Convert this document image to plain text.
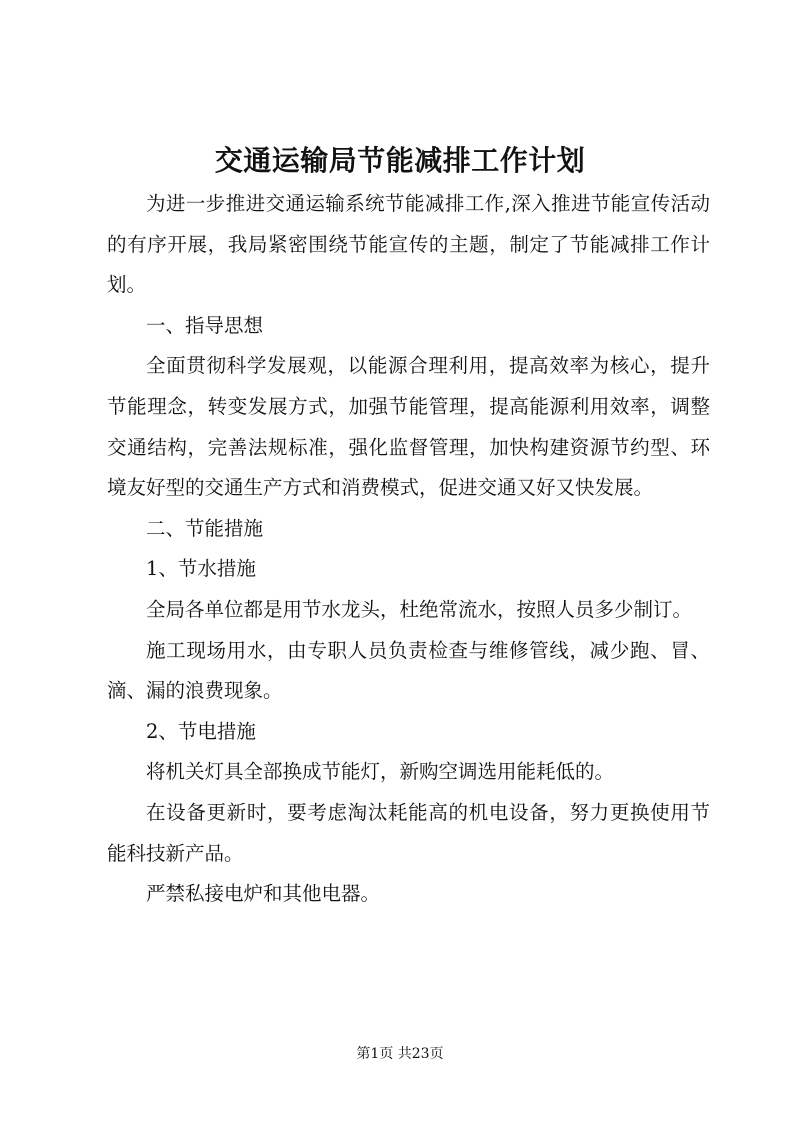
交通运输局节能减排工作计划

为进一步推进交通运输系统节能减排工作,深入推进节能宣传活动的有序开展，我局紧密围绕节能宣传的主题，制定了节能减排工作计划。

一、指导思想

全面贯彻科学发展观，以能源合理利用，提高效率为核心，提升节能理念，转变发展方式，加强节能管理，提高能源利用效率，调整交通结构，完善法规标准，强化监督管理，加快构建资源节约型、环境友好型的交通生产方式和消费模式，促进交通又好又快发展。

二、节能措施

1、节水措施

全局各单位都是用节水龙头，杜绝常流水，按照人员多少制订。

施工现场用水，由专职人员负责检查与维修管线，减少跑、冒、滴、漏的浪费现象。

2、节电措施

将机关灯具全部换成节能灯，新购空调选用能耗低的。

在设备更新时，要考虑淘汰耗能高的机电设备，努力更换使用节能科技新产品。

严禁私接电炉和其他电器。

第1页 共23页
